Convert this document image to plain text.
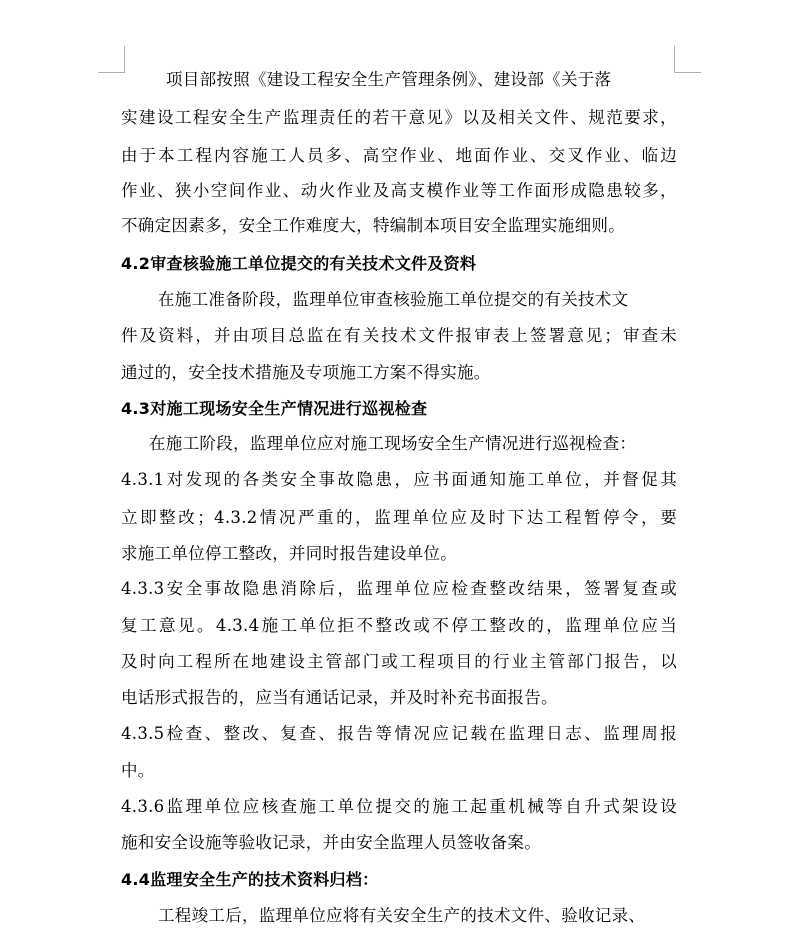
项目部按照《建设工程安全生产管理条例》、建设部《关于落
实建设工程安全生产监理责任的若干意见》以及相关文件、规范要求，
由于本工程内容施工人员多、高空作业、地面作业、交叉作业、临边
作业、狭小空间作业、动火作业及高支模作业等工作面形成隐患较多，
不确定因素多，安全工作难度大，特编制本项目安全监理实施细则。
4.2审查核验施工单位提交的有关技术文件及资料
在施工准备阶段，监理单位审查核验施工单位提交的有关技术文
件及资料，并由项目总监在有关技术文件报审表上签署意见；审查未
通过的，安全技术措施及专项施工方案不得实施。
4.3对施工现场安全生产情况进行巡视检查
在施工阶段，监理单位应对施工现场安全生产情况进行巡视检查：
4.3.1对发现的各类安全事故隐患，应书面通知施工单位，并督促其
立即整改；4.3.2情况严重的，监理单位应及时下达工程暂停令，要
求施工单位停工整改，并同时报告建设单位。
4.3.3安全事故隐患消除后，监理单位应检查整改结果，签署复查或
复工意见。4.3.4施工单位拒不整改或不停工整改的，监理单位应当
及时向工程所在地建设主管部门或工程项目的行业主管部门报告，以
电话形式报告的，应当有通话记录，并及时补充书面报告。
4.3.5检查、整改、复查、报告等情况应记载在监理日志、监理周报
中。
4.3.6监理单位应核查施工单位提交的施工起重机械等自升式架设设
施和安全设施等验收记录，并由安全监理人员签收备案。
4.4监理安全生产的技术资料归档：
工程竣工后，监理单位应将有关安全生产的技术文件、验收记录、
